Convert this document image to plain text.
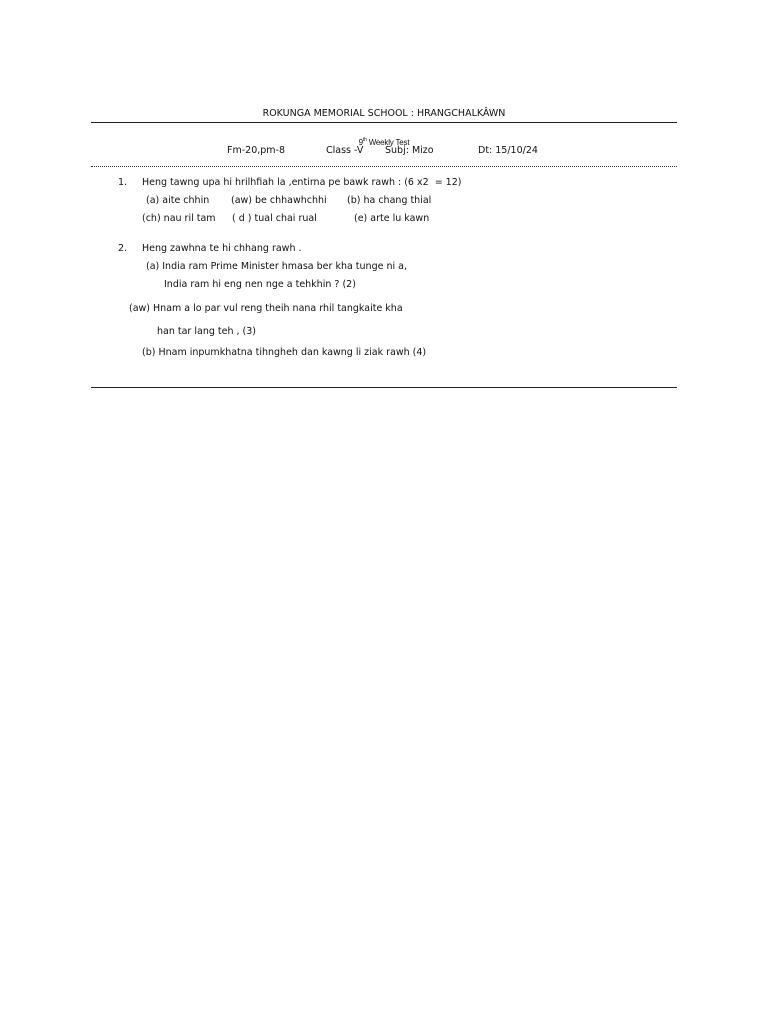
ROKUNGA MEMORIAL SCHOOL : HRANGCHALKÂWN
9th Weekly Test
Fm-20,pm-8	Class -V Subj: Mizo	Dt: 15/10/24
1. Heng tawng upa hi hrilhfiah la ,entirna pe bawk rawh : (6 x2  = 12)
(a) aite chhin (aw) be chhawhchhi (b) ha chang thial
(ch) nau ril tam ( d ) tual chai rual	(e) arte lu kawn
2. Heng zawhna te hi chhang rawh .
(a) India ram Prime Minister hmasa ber kha tunge ni a,
India ram hi eng nen nge a tehkhin ? (2)
(aw) Hnam a lo par vul reng theih nana rhil tangkaite kha
han tar lang teh , (3)
(b) Hnam inpumkhatna tihngheh dan kawng li ziak rawh (4)
